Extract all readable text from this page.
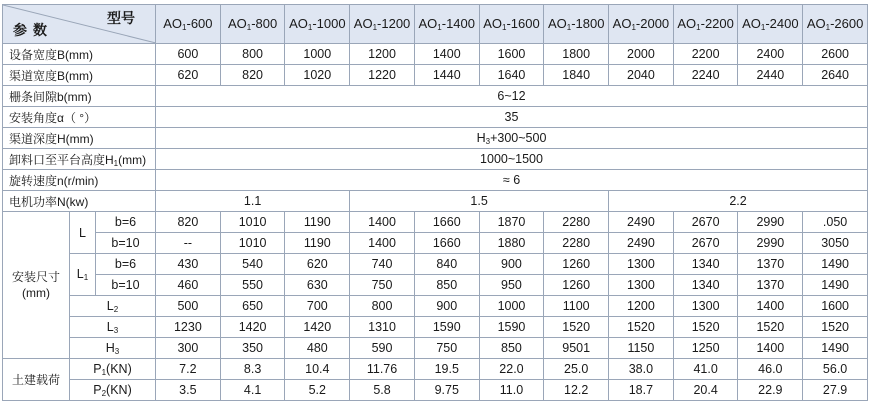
型号
参数			$AO_1-600$	$AO_1-800$	$AO_1-1000$	$AO_1-1200$	$AO_1-1400$	$AO_1-1600$	$AO_1-1800$	$AO_1-2000$	$AO_1-2200$	$AO_1-2400$	$AO_1-2600$
设备宽度B(mm)			600	800	1000	1200	1400	1600	1800	2000	2200	2400	2600
渠道宽度B(mm)			620	820	1020	1220	1440	1640	1840	2040	2240	2440	2640
栅条间隙b(mm)			6~12										
安装角度α（ °）			35										
渠道深度H(mm)			$H_3+300\sim 500$										
卸料口至平台高度$H_1(mm)$			1000~1500										
旋转速度n(r/min)			≈ 6										
电机功率N(kw)			1.1			1.5				2.2			
安装尺寸
(mm)	L	b=6	820	1010	1190	1400	1660	1870	2280	2490	2670	2990	.050
		b=10	--	1010	1190	1400	1660	1880	2280	2490	2670	2990	3050
	$L_1$	b=6	430	540	620	740	840	900	1260	1300	1340	1370	1490
		b=10	460	550	630	750	850	950	1260	1300	1340	1370	1490
	$L_2$		500	650	700	800	900	1000	1100	1200	1300	1400	1600
	$L_3$		1230	1420	1420	1310	1590	1590	1520	1520	1520	1520	1520
	$H_3$		300	350	480	590	750	850	9501	1150	1250	1400	1490
土建载荷	$P_1(KN)$		7.2	8.3	10.4	11.76	19.5	22.0	25.0	38.0	41.0	46.0	56.0
	$P_2(KN)$		3.5	4.1	5.2	5.8	9.75	11.0	12.2	18.7	20.4	22.9	27.9
